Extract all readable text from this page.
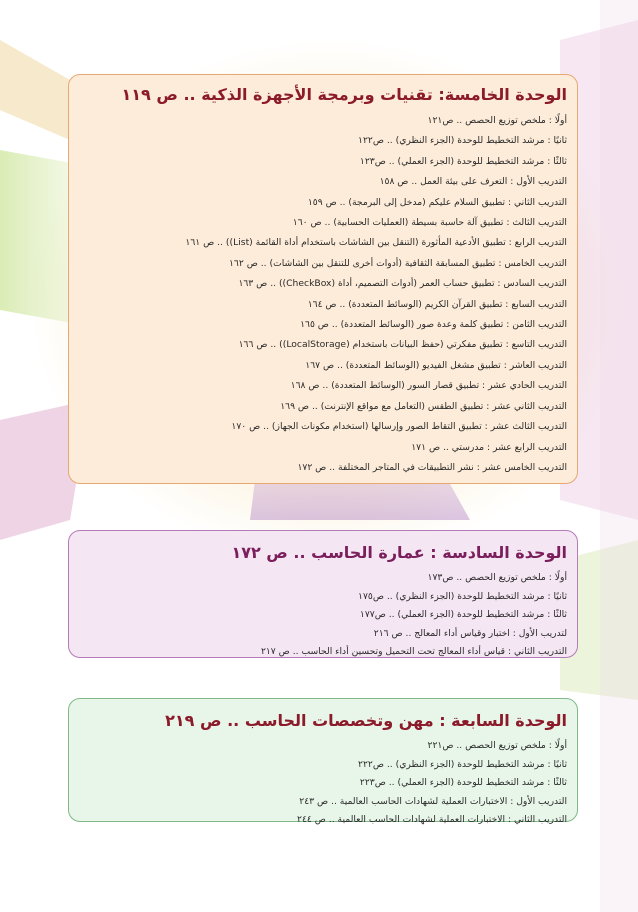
الوحدة الخامسة: تقنيات وبرمجة الأجهزة الذكية .. ص ١١٩
أولًا : ملخص توزيع الحصص .. ص١٢١
ثانيًا : مرشد التخطيط للوحدة (الجزء النظري) .. ص١٢٢
ثالثًا : مرشد التخطيط للوحدة (الجزء العملي) .. ص١٢٣
التدريب الأول : التعرف على بيئة العمل .. ص ١٥٨
التدريب الثاني : تطبيق السلام عليكم (مدخل إلى البرمجة) .. ص ١٥٩
التدريب الثالث : تطبيق آلة حاسبة بسيطة (العمليات الحسابية) .. ص ١٦٠
التدريب الرابع : تطبيق الأدعية المأثورة (التنقل بين الشاشات باستخدام أداة القائمة (List)) .. ص ١٦١
التدريب الخامس : تطبيق المسابقة الثقافية (أدوات أخرى للتنقل بين الشاشات) .. ص ١٦٢
التدريب السادس : تطبيق حساب العمر (أدوات التصميم، أداة (CheckBox)) .. ص ١٦٣
التدريب السابع : تطبيق القرآن الكريم (الوسائط المتعددة) .. ص ١٦٤
التدريب الثامن : تطبيق كلمة وعدة صور (الوسائط المتعددة) .. ص ١٦٥
التدريب التاسع : تطبيق مفكرتي (حفظ البيانات باستخدام (LocalStorage)) .. ص ١٦٦
التدريب العاشر : تطبيق مشغل الفيديو (الوسائط المتعددة) .. ص ١٦٧
التدريب الحادي عشر : تطبيق قصار السور (الوسائط المتعددة) .. ص ١٦٨
التدريب الثاني عشر : تطبيق الطقس (التعامل مع مواقع الإنترنت) .. ص ١٦٩
التدريب الثالث عشر : تطبيق التقاط الصور وإرسالها (استخدام مكونات الجهاز) .. ص ١٧٠
التدريب الرابع عشر : مدرستي .. ص ١٧١
التدريب الخامس عشر : نشر التطبيقات في المتاجر المختلفة .. ص ١٧٢
الوحدة السادسة : عمارة الحاسب .. ص ١٧٢
أولًا : ملخص توزيع الحصص .. ص١٧٣
ثانيًا : مرشد التخطيط للوحدة (الجزء النظري) .. ص١٧٥
ثالثًا : مرشد التخطيط للوحدة (الجزء العملي) .. ص١٧٧
لتدريب الأول : اختبار وقياس أداء المعالج .. ص ٢١٦
التدريب الثاني : قياس أداء المعالج تحت التحميل وتحسين أداء الحاسب .. ص ٢١٧
الوحدة السابعة : مهن وتخصصات الحاسب .. ص ٢١٩
أولًا : ملخص توزيع الحصص .. ص٢٢١
ثانيًا : مرشد التخطيط للوحدة (الجزء النظري) .. ص٢٢٢
ثالثًا : مرشد التخطيط للوحدة (الجزء العملي) .. ص٢٢٣
التدريب الأول : الاختبارات العملية لشهادات الحاسب العالمية .. ص ٢٤٣
التدريب الثاني : الاختبارات العملية لشهادات الحاسب العالمية .. ص ٢٤٤
